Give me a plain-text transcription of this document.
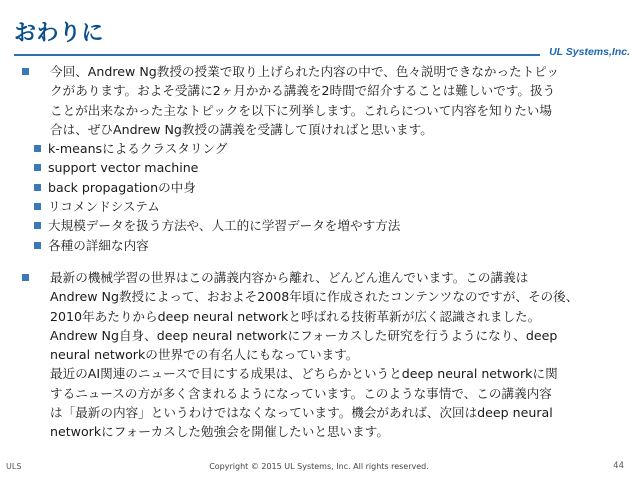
おわりに
UL Systems,Inc.

今回、Andrew Ng教授の授業で取り上げられた内容の中で、色々説明できなかったトピッ

クがあります。およそ受講に2ヶ月かかる講義を2時間で紹介することは難しいです。扱う

ことが出来なかった主なトピックを以下に列挙します。これらについて内容を知りたい場

合は、ぜひAndrew Ng教授の講義を受講して頂ければと思います。

k-meansによるクラスタリング
support vector machine
back propagationの中身
リコメンドシステム
大規模データを扱う方法や、人工的に学習データを増やす方法
各種の詳細な内容

最新の機械学習の世界はこの講義内容から離れ、どんどん進んでいます。この講義は

Andrew Ng教授によって、おおよそ2008年頃に作成されたコンテンツなのですが、その後、

2010年あたりからdeep neural networkと呼ばれる技術革新が広く認識されました。

Andrew Ng自身、deep neural networkにフォーカスした研究を行うようになり、deep

neural networkの世界での有名人にもなっています。

最近のAI関連のニュースで目にする成果は、どちらかというとdeep neural networkに関

するニュースの方が多く含まれるようになっています。このような事情で、この講義内容

は「最新の内容」というわけではなくなっています。機会があれば、次回はdeep neural

networkにフォーカスした勉強会を開催したいと思います。

ULS	Copyright © 2015 UL Systems, Inc. All rights reserved.	44
